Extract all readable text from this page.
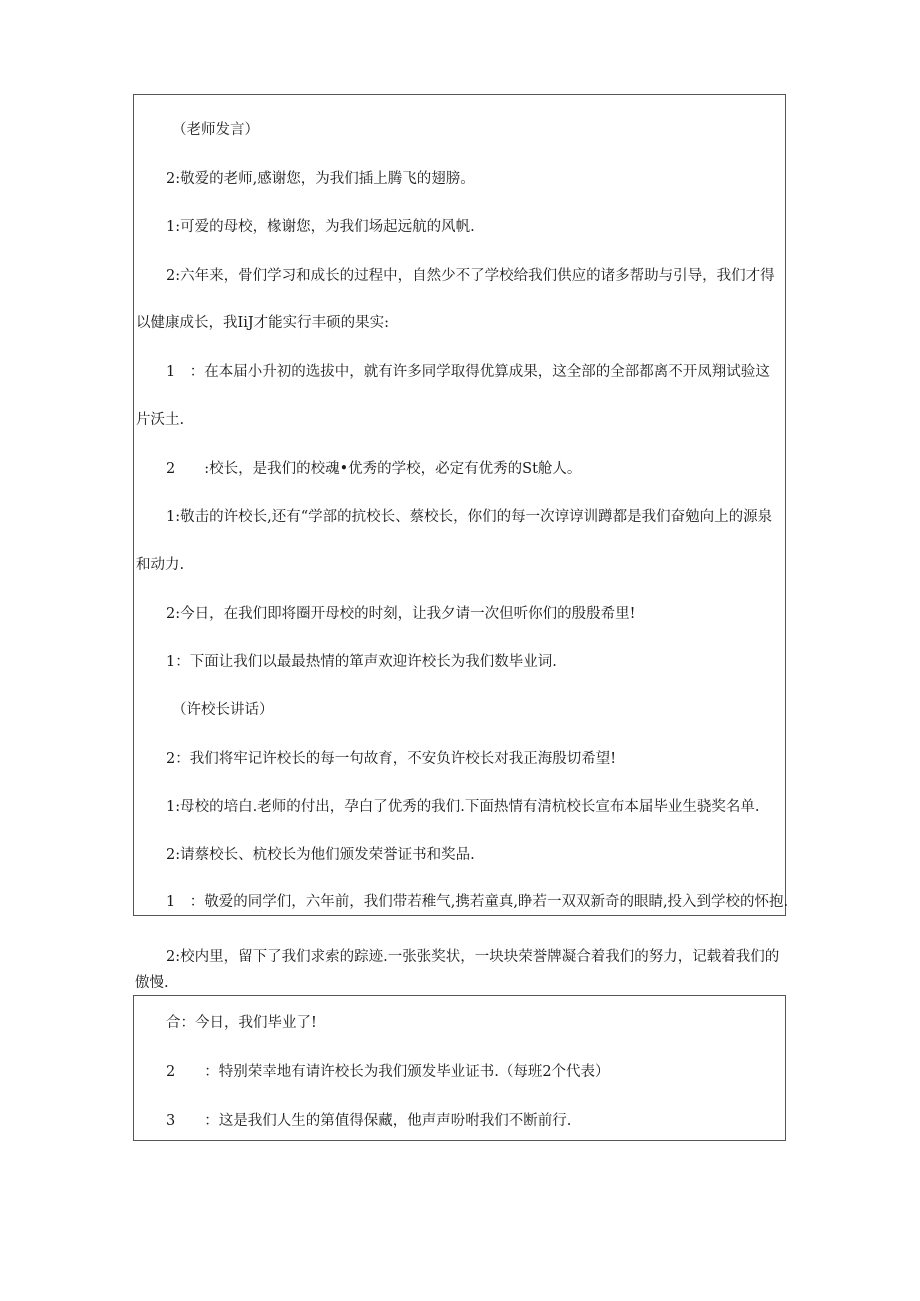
（老师发言）
2:敬爱的老师,感谢您，为我们插上腾飞的翅膀。
1:可爱的母校，椽谢您，为我们场起远航的风帆.
2:六年来，骨们学习和成长的过程中，自然少不了学校给我们供应的诸多帮助与引导，我们才得
以健康成长，我IiJ才能实行丰硕的果实:
1　：在本届小升初的选拔中，就有许多同学取得优算成果，这全部的全部都离不开凤翔试验这
片沃土.
2　　:校长，是我们的校魂•优秀的学校，必定有优秀的St舱人。
1:敬击的许校长,还有“学部的抗校长、蔡校长，你们的每一次谆谆训蹲都是我们奋勉向上的源泉
和动力.
2:今日，在我们即将圈开母校的时刻，让我夕请一次但听你们的殷殷希里!
1：下面让我们以最最热情的箪声欢迎许校长为我们数毕业词.
（许校长讲话）
2：我们将牢记许校长的每一句故育，不安负许校长对我正海殷切希望!
1:母校的培白.老师的付出，孕白了优秀的我们.下面热情有清杭校长宣布本届毕业生骁奖名单.
2:请蔡校长、杭校长为他们颁发荣誉证书和奖品.
1　：敬爱的同学们，六年前，我们带若稚气,携若童真,睁若一双双新奇的眼睛,投入到学校的怀抱.
2:校内里，留下了我们求索的踪迹.一张张奖状，一块块荣誉牌凝合着我们的努力，记载着我们的
傲慢.
合：今日，我们毕业了!
2　　：特别荣幸地有请许校长为我们颁发毕业证书.（每班2个代表）
3　　：这是我们人生的第值得保藏，他声声吩咐我们不断前行.
